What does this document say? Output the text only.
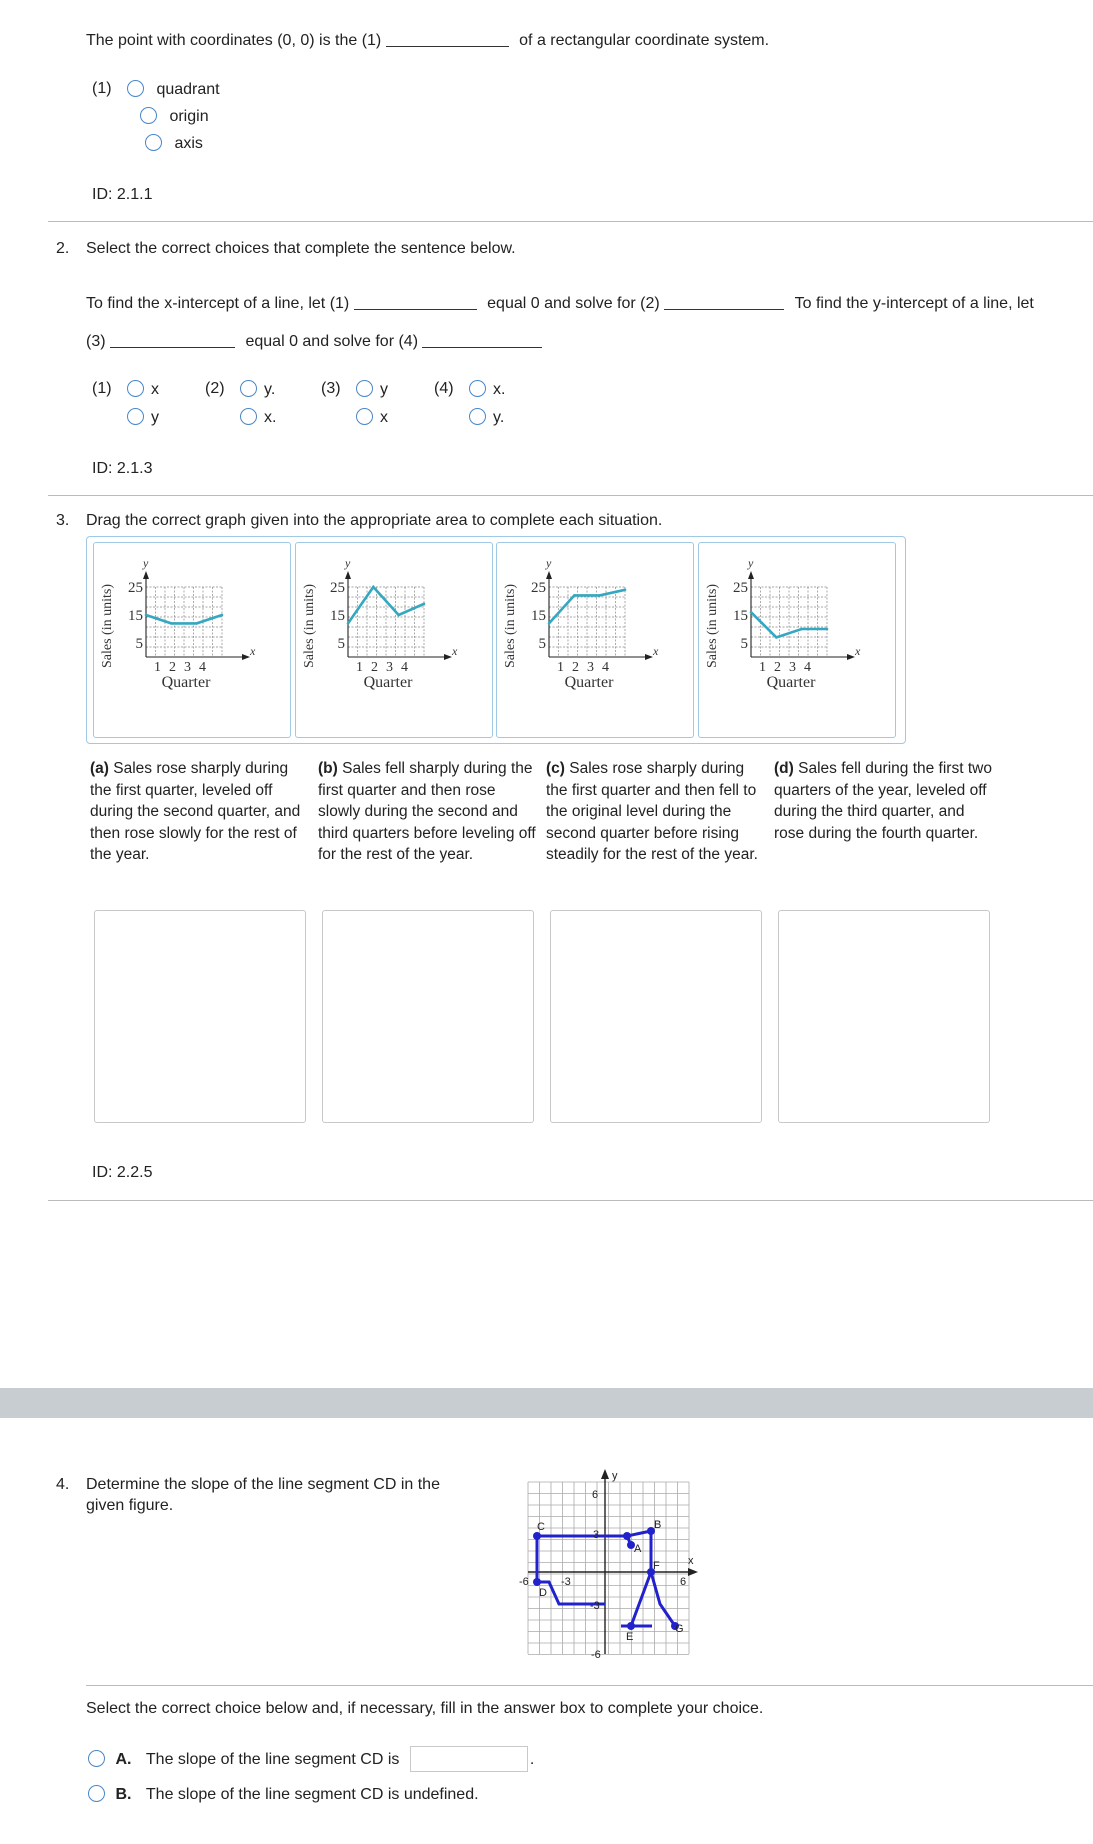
The point with coordinates (0, 0) is the (1)	of a rectangular coordinate system.
(1)	quadrant
origin
axis
ID: 2.1.1
2. Select the correct choices that complete the sentence below.
To find the x-intercept of a line, let (1)	equal 0 and solve for (2)	To find the y-intercept of a line, let
(3)	equal 0 and solve for (4)
(1)	x
y
(2)	y.
x.
(3)	y
x
(4)	x.
y.
ID: 2.1.3
3. Drag the correct graph given into the appropriate area to complete each situation.
y
x
25
15
5
1 2 3 4
Quarter
Sales (in units)
y
x
25
15
5
1 2 3 4
Quarter
Sales (in units)
y
x
25
15
5
1 2 3 4
Quarter
Sales (in units)
y
x
25
15
5
1 2 3 4
Quarter
Sales (in units)
(a) Sales rose sharply during the first quarter, leveled off during the second quarter, and then rose slowly for the rest of the year.
(b) Sales fell sharply during the first quarter and then rose slowly during the second and third quarters before leveling off for the rest of the year.
(c) Sales rose sharply during the first quarter and then fell to the original level during the second quarter before rising steadily for the rest of the year.
(d) Sales fell during the first two quarters of the year, leveled off during the third quarter, and rose during the fourth quarter.
ID: 2.2.5
4. Determine the slope of the line segment CD in the
given figure.
y
x
6
-6
-6	-3	6
3
-3
C	B
A
F
D
E
G
Select the correct choice below and, if necessary, fill in the answer box to complete your choice.
A. The slope of the line segment CD is	.
B. The slope of the line segment CD is undefined.
